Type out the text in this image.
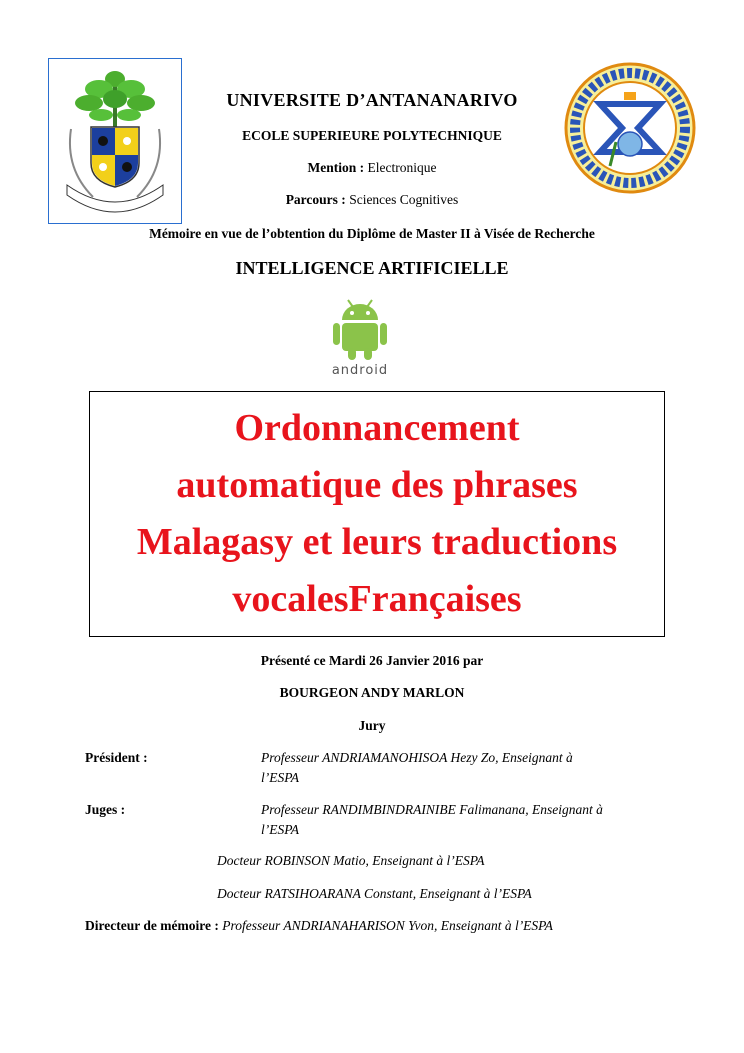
UNIVERSITE D’ANTANANARIVO
ECOLE SUPERIEURE POLYTECHNIQUE
Mention : Electronique
Parcours : Sciences Cognitives
Mémoire en vue de l’obtention du Diplôme de Master II à Visée de Recherche
INTELLIGENCE ARTIFICIELLE
android
Ordonnancement
automatique des phrases
Malagasy et leurs traductions
vocalesFrançaises
Présenté ce Mardi 26 Janvier 2016 par
BOURGEON ANDY MARLON
Jury
Président :	Professeur ANDRIAMANOHISOA Hezy Zo, Enseignant à
l’ESPA
Juges :	Professeur RANDIMBINDRAINIBE Falimanana, Enseignant à
l’ESPA
Docteur ROBINSON Matio, Enseignant à l’ESPA
Docteur RATSIHOARANA Constant, Enseignant à l’ESPA
Directeur de mémoire : Professeur ANDRIANAHARISON Yvon, Enseignant à l’ESPA
